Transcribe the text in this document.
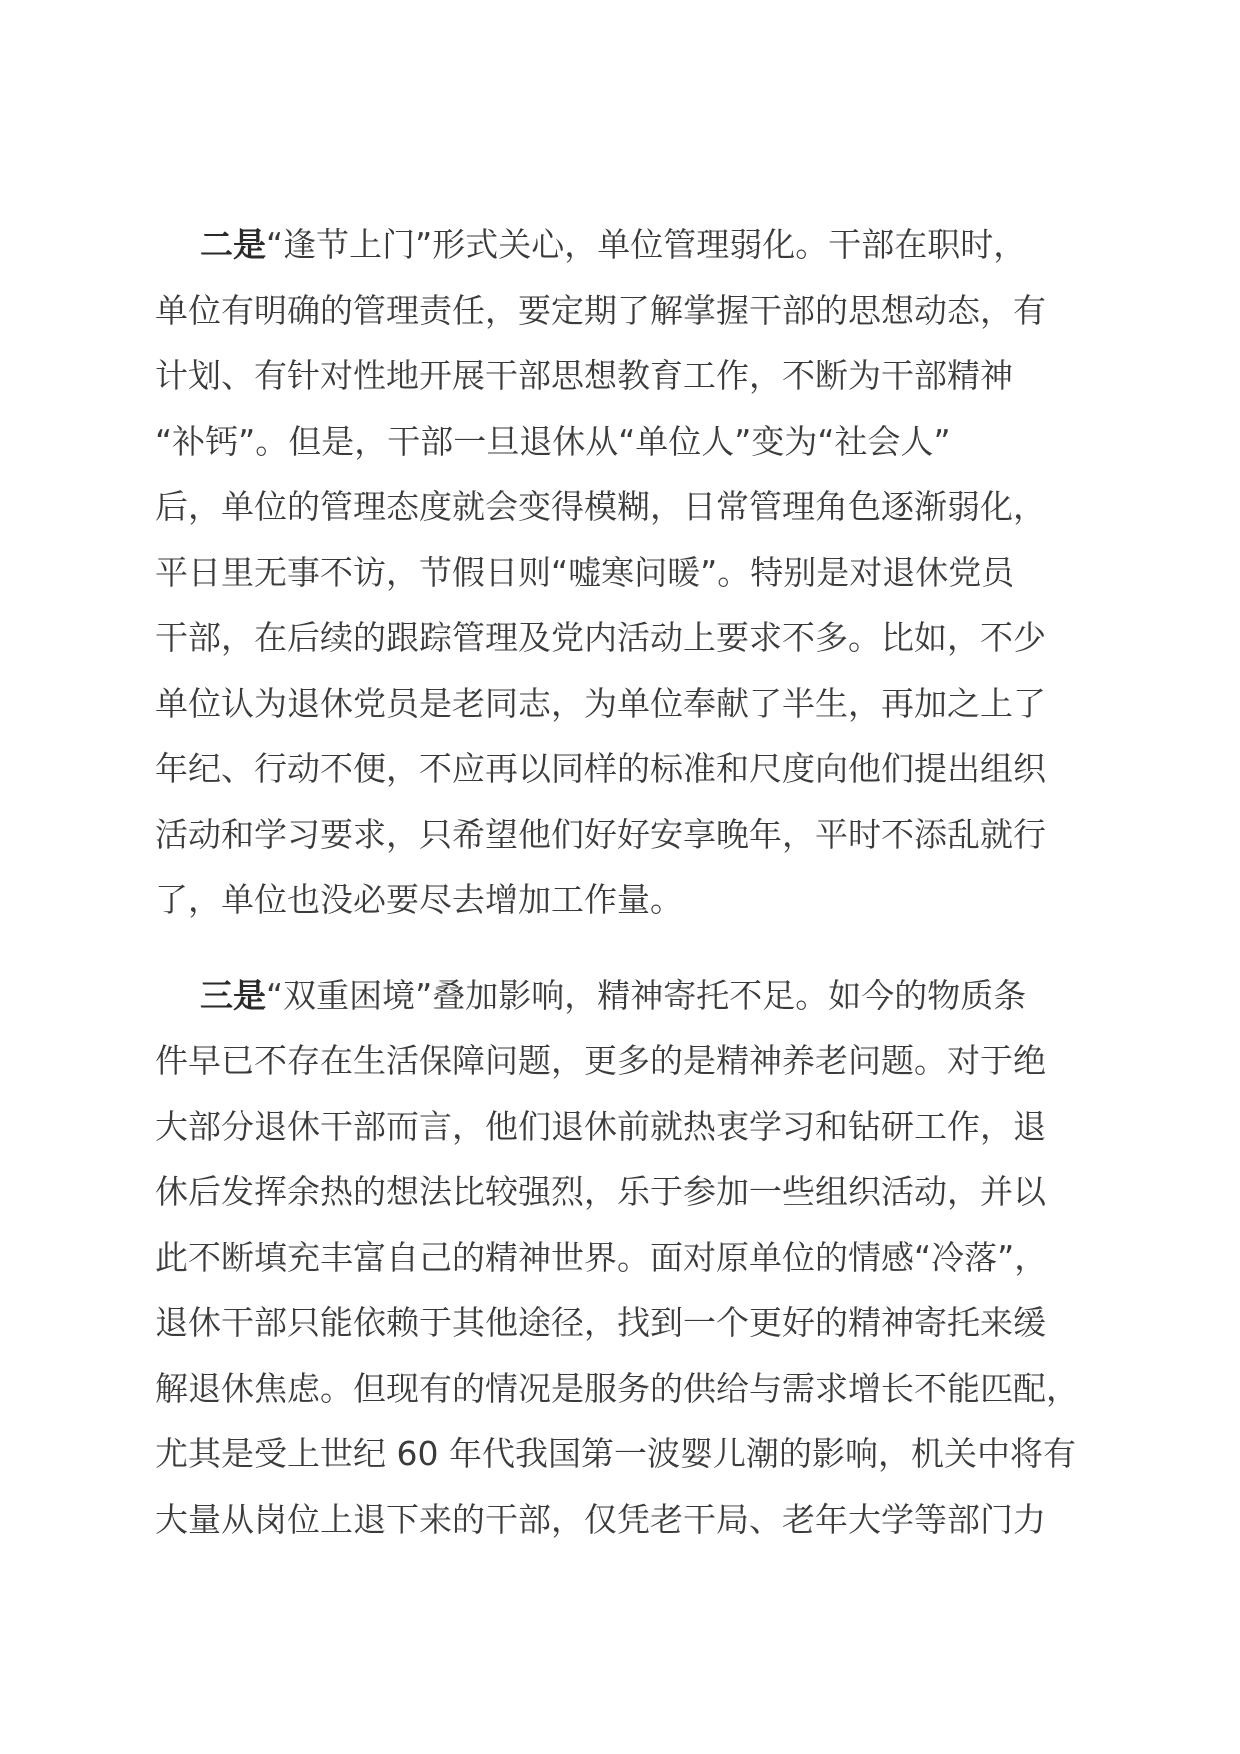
二是“逢节上门”形式关心，单位管理弱化。干部在职时，
单位有明确的管理责任，要定期了解掌握干部的思想动态，有
计划、有针对性地开展干部思想教育工作，不断为干部精神
“补钙”。但是，干部一旦退休从“单位人”变为“社会人”
后，单位的管理态度就会变得模糊，日常管理角色逐渐弱化，
平日里无事不访，节假日则“嘘寒问暖”。特别是对退休党员
干部，在后续的跟踪管理及党内活动上要求不多。比如，不少
单位认为退休党员是老同志，为单位奉献了半生，再加之上了
年纪、行动不便，不应再以同样的标准和尺度向他们提出组织
活动和学习要求，只希望他们好好安享晚年，平时不添乱就行
了，单位也没必要尽去增加工作量。
三是“双重困境”叠加影响，精神寄托不足。如今的物质条
件早已不存在生活保障问题，更多的是精神养老问题。对于绝
大部分退休干部而言，他们退休前就热衷学习和钻研工作，退
休后发挥余热的想法比较强烈，乐于参加一些组织活动，并以
此不断填充丰富自己的精神世界。面对原单位的情感“冷落”，
退休干部只能依赖于其他途径，找到一个更好的精神寄托来缓
解退休焦虑。但现有的情况是服务的供给与需求增长不能匹配，
尤其是受上世纪 60 年代我国第一波婴儿潮的影响，机关中将有
大量从岗位上退下来的干部，仅凭老干局、老年大学等部门力
